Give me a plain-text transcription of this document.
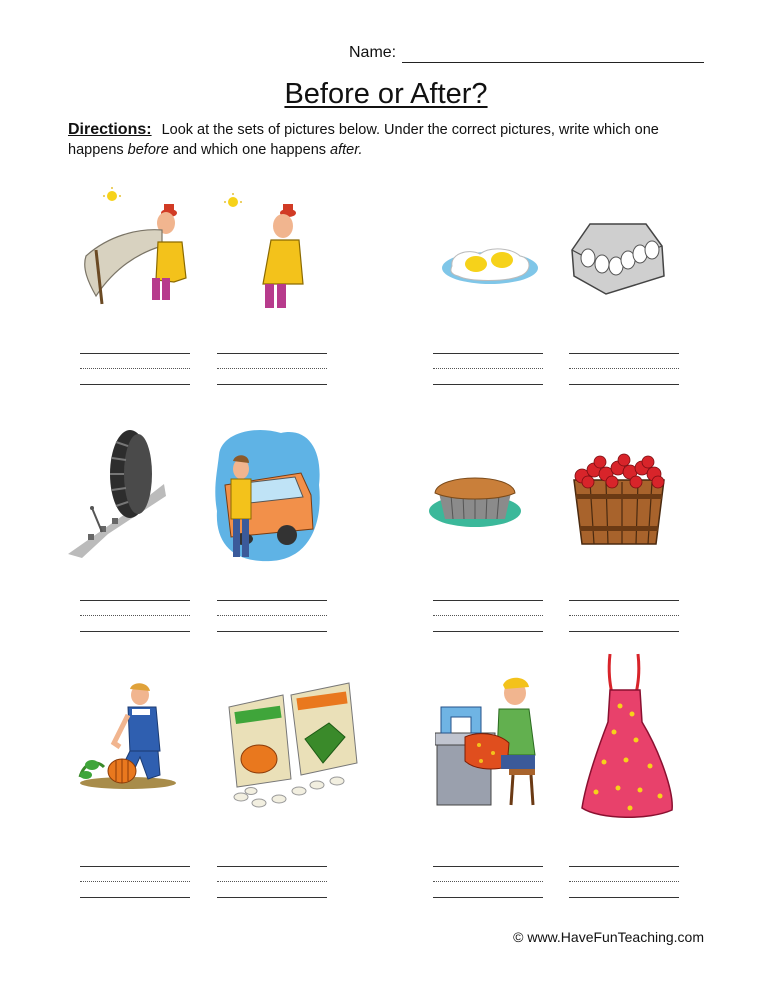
Name:
Before or After?
Directions: Look at the sets of pictures below. Under the correct pictures, write which one happens before and which one happens after.
© www.HaveFunTeaching.com
